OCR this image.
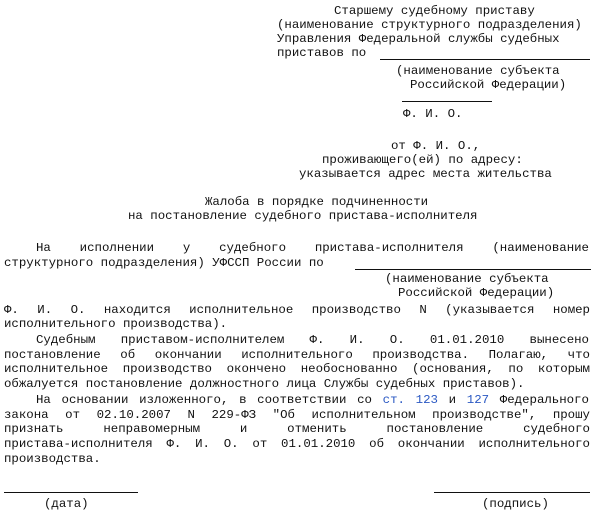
Старшему судебному приставу
(наименование структурного подразделения)
Управления Федеральной службы судебных
приставов по
(наименование субъекта
Российской Федерации)
Ф. И. О.
от Ф. И. О.,
проживающего(ей) по адресу:
указывается адрес места жительства
Жалоба в порядке подчиненности
на постановление судебного пристава-исполнителя
На исполнении у судебного пристава-исполнителя (наименование
структурного подразделения) УФССП России по
(наименование субъекта
Российской Федерации)
Ф. И. О. находится исполнительное производство N (указывается номер
исполнительного производства).
Судебным приставом-исполнителем Ф. И. О. 01.01.2010 вынесено
постановление об окончании исполнительного производства. Полагаю, что
исполнительное производство окончено необоснованно (основания, по которым
обжалуется постановление должностного лица Службы судебных приставов).
На основании изложенного, в соответствии со ст. 123 и 127 Федерального
закона от 02.10.2007 N 229-ФЗ "Об исполнительном производстве", прошу
признать неправомерным и отменить постановление судебного
пристава-исполнителя Ф. И. О. от 01.01.2010 об окончании исполнительного
производства.
(дата)	(подпись)
